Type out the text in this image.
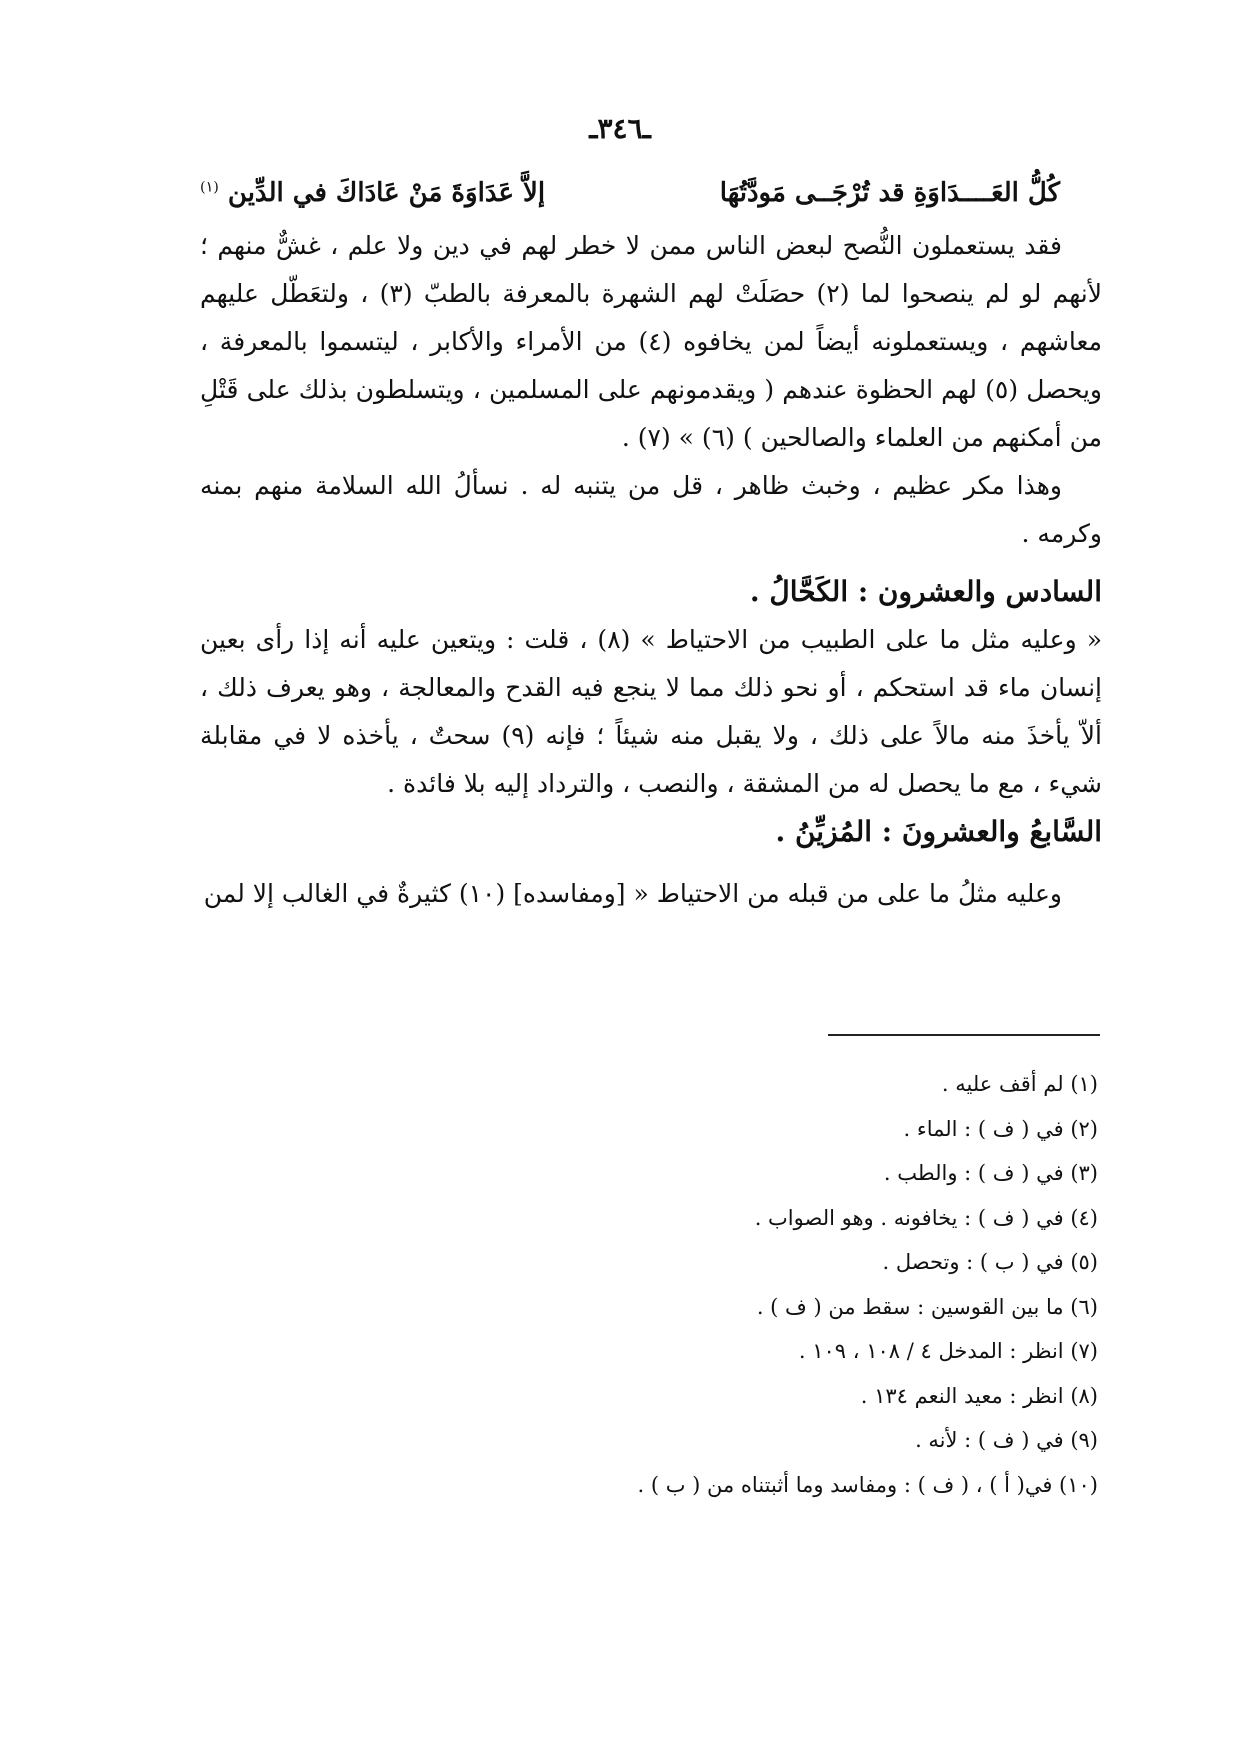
ـ٣٤٦ـ
كُلُّ العَــــدَاوَةِ قد تُرْجَــى مَودَّتُهَا
إلاَّ عَدَاوَةَ مَنْ عَادَاكَ في الدِّين $^{(١)}$

فقد يستعملون النُّصح لبعض الناس ممن لا خطر لهم في دين ولا علم ، غشٌّ منهم ؛ لأنهم لو لم ينصحوا لما (٢) حصَلَتْ لهم الشهرة بالمعرفة بالطبّ (٣) ، ولتعَطّل عليهم معاشهم ، ويستعملونه أيضاً لمن يخافوه (٤) من الأمراء والأكابر ، ليتسموا بالمعرفة ، ويحصل (٥) لهم الحظوة عندهم ( ويقدمونهم على المسلمين ، ويتسلطون بذلك على قَتْلِ من أمكنهم من العلماء والصالحين ) (٦) » (٧) .

وهذا مكر عظيم ، وخبث ظاهر ، قل من يتنبه له . نسألُ الله السلامة منهم بمنه وكرمه .

السادس والعشرون : الكَحَّالُ .

« وعليه مثل ما على الطبيب من الاحتياط » (٨) ، قلت : ويتعين عليه أنه إذا رأى بعين إنسان ماء قد استحكم ، أو نحو ذلك مما لا ينجع فيه القدح والمعالجة ، وهو يعرف ذلك ، ألاّ يأخذَ منه مالاً على ذلك ، ولا يقبل منه شيئاً ؛ فإنه (٩) سحتٌ ، يأخذه لا في مقابلة شيء ، مع ما يحصل له من المشقة ، والنصب ، والترداد إليه بلا فائدة .

السَّابعُ والعشرونَ : المُزيِّنُ .

وعليه مثلُ ما على من قبله من الاحتياط « [ومفاسده] (١٠) كثيرةٌ في الغالب إلا لمن

(١) لم أقف عليه .
(٢) في ( ف ) : الماء .
(٣) في ( ف ) : والطب .
(٤) في ( ف ) : يخافونه . وهو الصواب .
(٥) في ( ب ) : وتحصل .
(٦) ما بين القوسين : سقط من ( ف ) .
(٧) انظر : المدخل ٤ / ١٠٨ ، ١٠٩ .
(٨) انظر : معيد النعم ١٣٤ .
(٩) في ( ف ) : لأنه .
(١٠) في( أ ) ، ( ف ) : ومفاسد وما أثبتناه من ( ب ) .
